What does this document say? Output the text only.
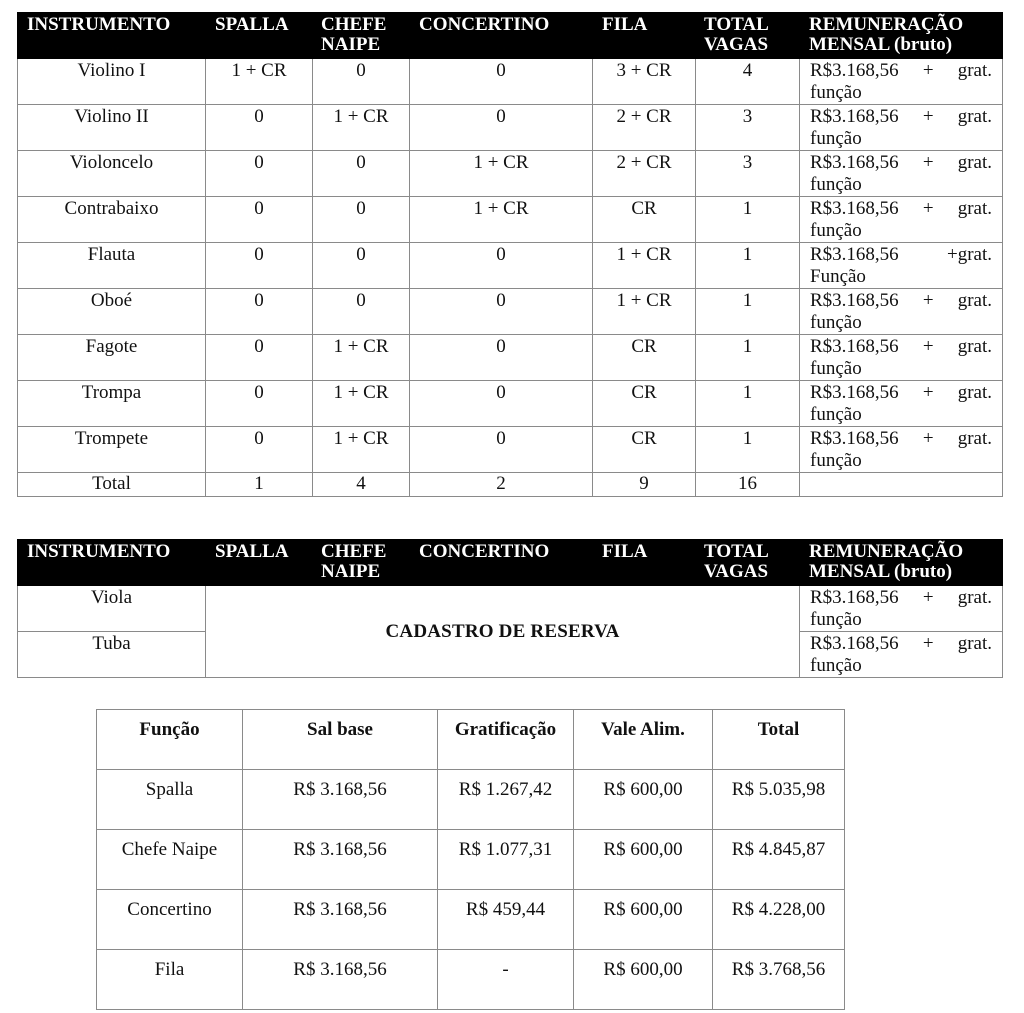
INSTRUMENTO	SPALLA	CHEFE NAIPE	CONCERTINO	FILA	TOTAL VAGAS	REMUNERAÇÃO MENSAL (bruto)
Violino I	1 + CR	0	0	3 + CR	4	R$3.168,56 + grat.
função

Violino II	0	1 + CR	0	2 + CR	3	R$3.168,56 + grat.
função

Violoncelo	0	0	1 + CR	2 + CR	3	R$3.168,56 + grat.
função

Contrabaixo	0	0	1 + CR	CR	1	R$3.168,56 + grat.
função

Flauta	0	0	0	1 + CR	1	R$3.168,56 +grat.
Função

Oboé	0	0	0	1 + CR	1	R$3.168,56 + grat.
função

Fagote	0	1 + CR	0	CR	1	R$3.168,56 + grat.
função

Trompa	0	1 + CR	0	CR	1	R$3.168,56 + grat.
função

Trompete	0	1 + CR	0	CR	1	R$3.168,56 + grat.
função

Total	1	4	2	9	16	
INSTRUMENTO	SPALLA	CHEFE NAIPE	CONCERTINO	FILA	TOTAL VAGAS	REMUNERAÇÃO MENSAL (bruto)
Viola	CADASTRO DE RESERVA					R$3.168,56 + grat.
função

Tuba						R$3.168,56 + grat.
função
Função	Sal base	Gratificação	Vale Alim.	Total
Spalla	R$ 3.168,56	R$ 1.267,42	R$ 600,00	R$ 5.035,98
Chefe Naipe	R$ 3.168,56	R$ 1.077,31	R$ 600,00	R$ 4.845,87
Concertino	R$ 3.168,56	R$ 459,44	R$ 600,00	R$ 4.228,00
Fila	R$ 3.168,56	-	R$ 600,00	R$ 3.768,56
